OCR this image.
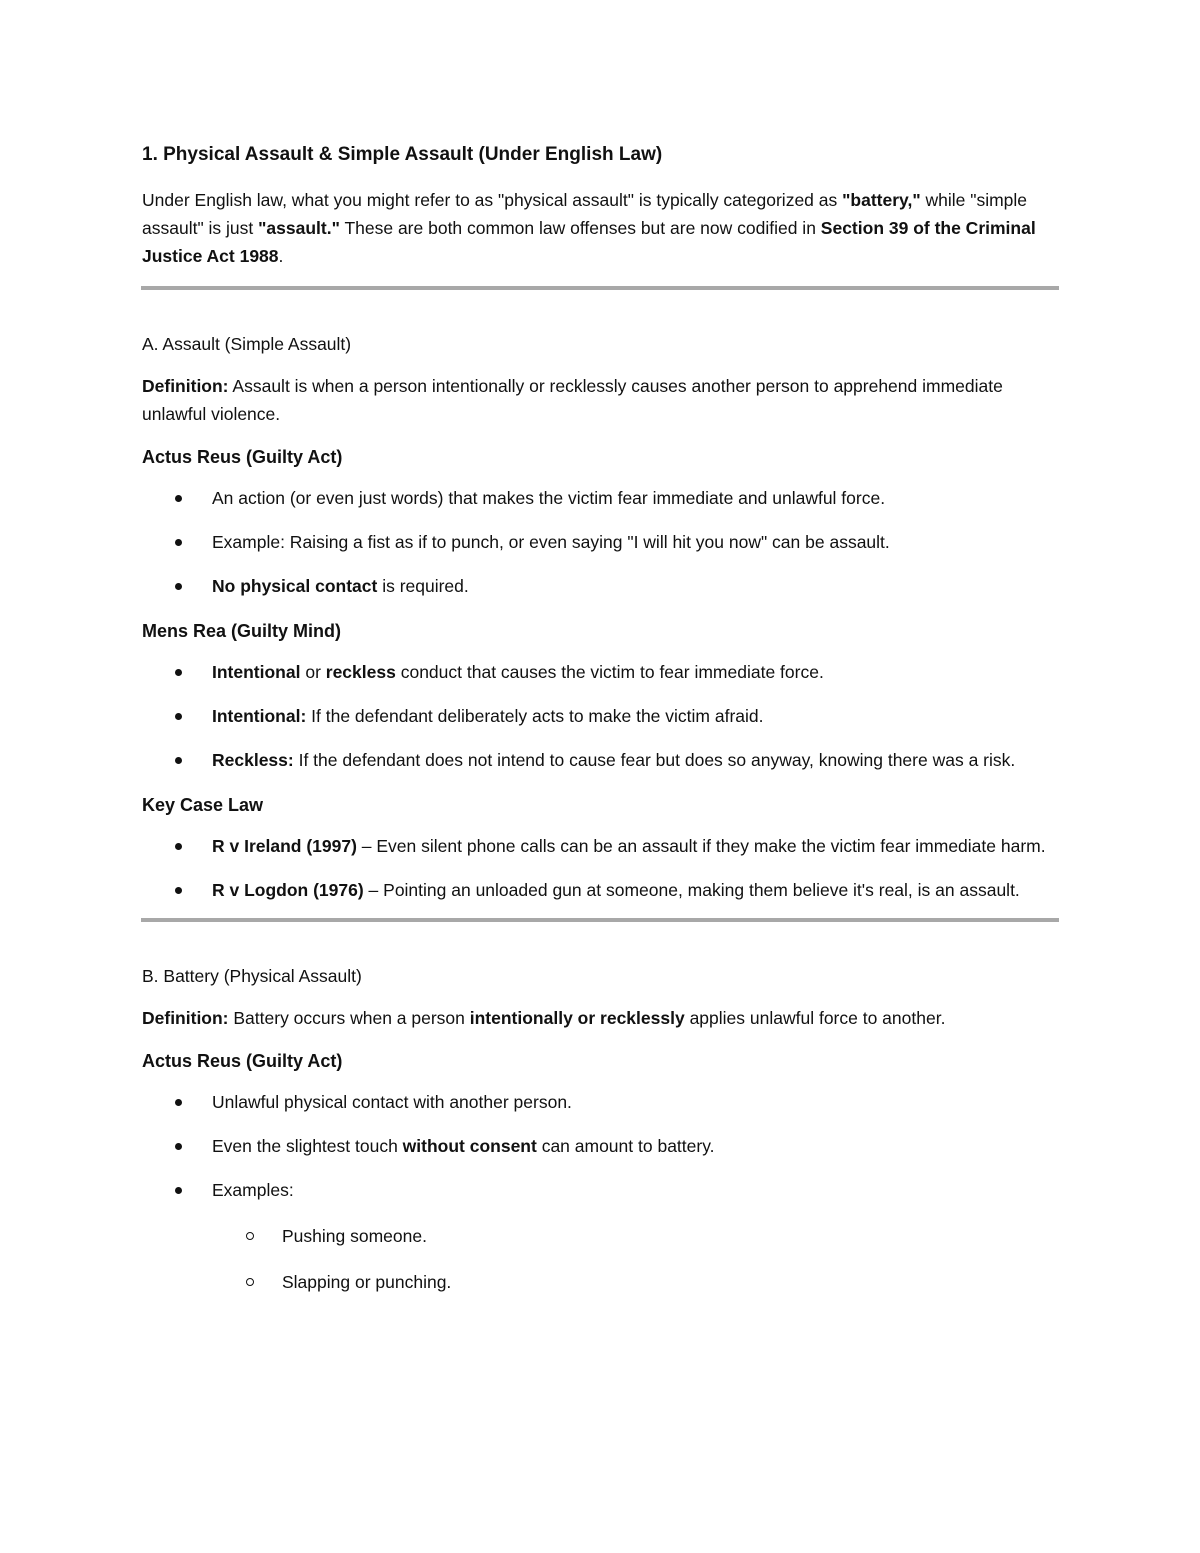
1. Physical Assault & Simple Assault (Under English Law)

Under English law, what you might refer to as "physical assault" is typically categorized as "battery," while "simple assault" is just "assault." These are both common law offenses but are now codified in Section 39 of the Criminal Justice Act 1988.

A. Assault (Simple Assault)

Definition: Assault is when a person intentionally or recklessly causes another person to apprehend immediate unlawful violence.

Actus Reus (Guilty Act)
An action (or even just words) that makes the victim fear immediate and unlawful force.
Example: Raising a fist as if to punch, or even saying "I will hit you now" can be assault.
No physical contact is required.
Mens Rea (Guilty Mind)
Intentional or reckless conduct that causes the victim to fear immediate force.
Intentional: If the defendant deliberately acts to make the victim afraid.
Reckless: If the defendant does not intend to cause fear but does so anyway, knowing there was a risk.
Key Case Law
R v Ireland (1997) – Even silent phone calls can be an assault if they make the victim fear immediate harm.
R v Logdon (1976) – Pointing an unloaded gun at someone, making them believe it's real, is an assault.
B. Battery (Physical Assault)

Definition: Battery occurs when a person intentionally or recklessly applies unlawful force to another.

Actus Reus (Guilty Act)
Unlawful physical contact with another person.
Even the slightest touch without consent can amount to battery.
Examples:
Pushing someone.
Slapping or punching.
